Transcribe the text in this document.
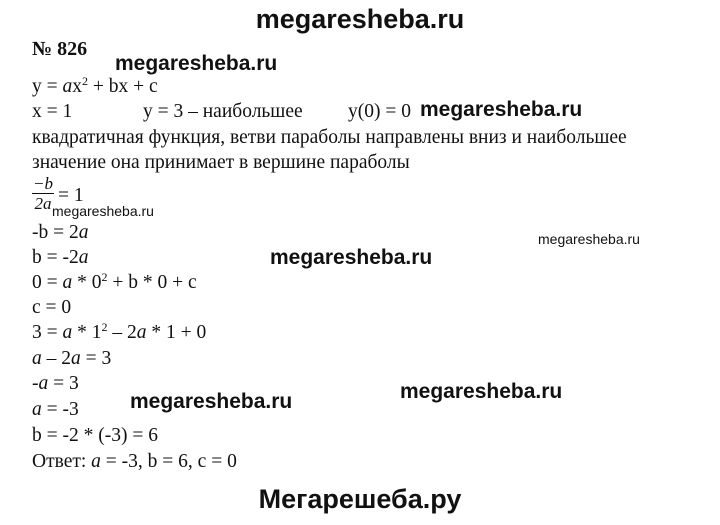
megaresheba.ru
№ 826
megaresheba.ru
$y = ax^2$ + bx + c
x = 1	y = 3 – наибольшее y(0) = 0 megaresheba.ru
квадратичная функция, ветви параболы направлены вниз и наибольшее
значение она принимает в вершине параболы
$\frac{-b}{2a} = 1$
megaresheba.ru
-b = 2a	megaresheba.ru
b = -2a	megaresheba.ru
$0 = a * 0^2 + b * 0 + c$
c = 0
$3 = a * 1^2 - 2a * 1 + 0$
a – 2a = 3
-a = 3	megaresheba.ru
a = -3 megaresheba.ru
b = -2 * (-3) = 6
Ответ: a = -3, b = 6, c = 0
Мегарешеба.ру
